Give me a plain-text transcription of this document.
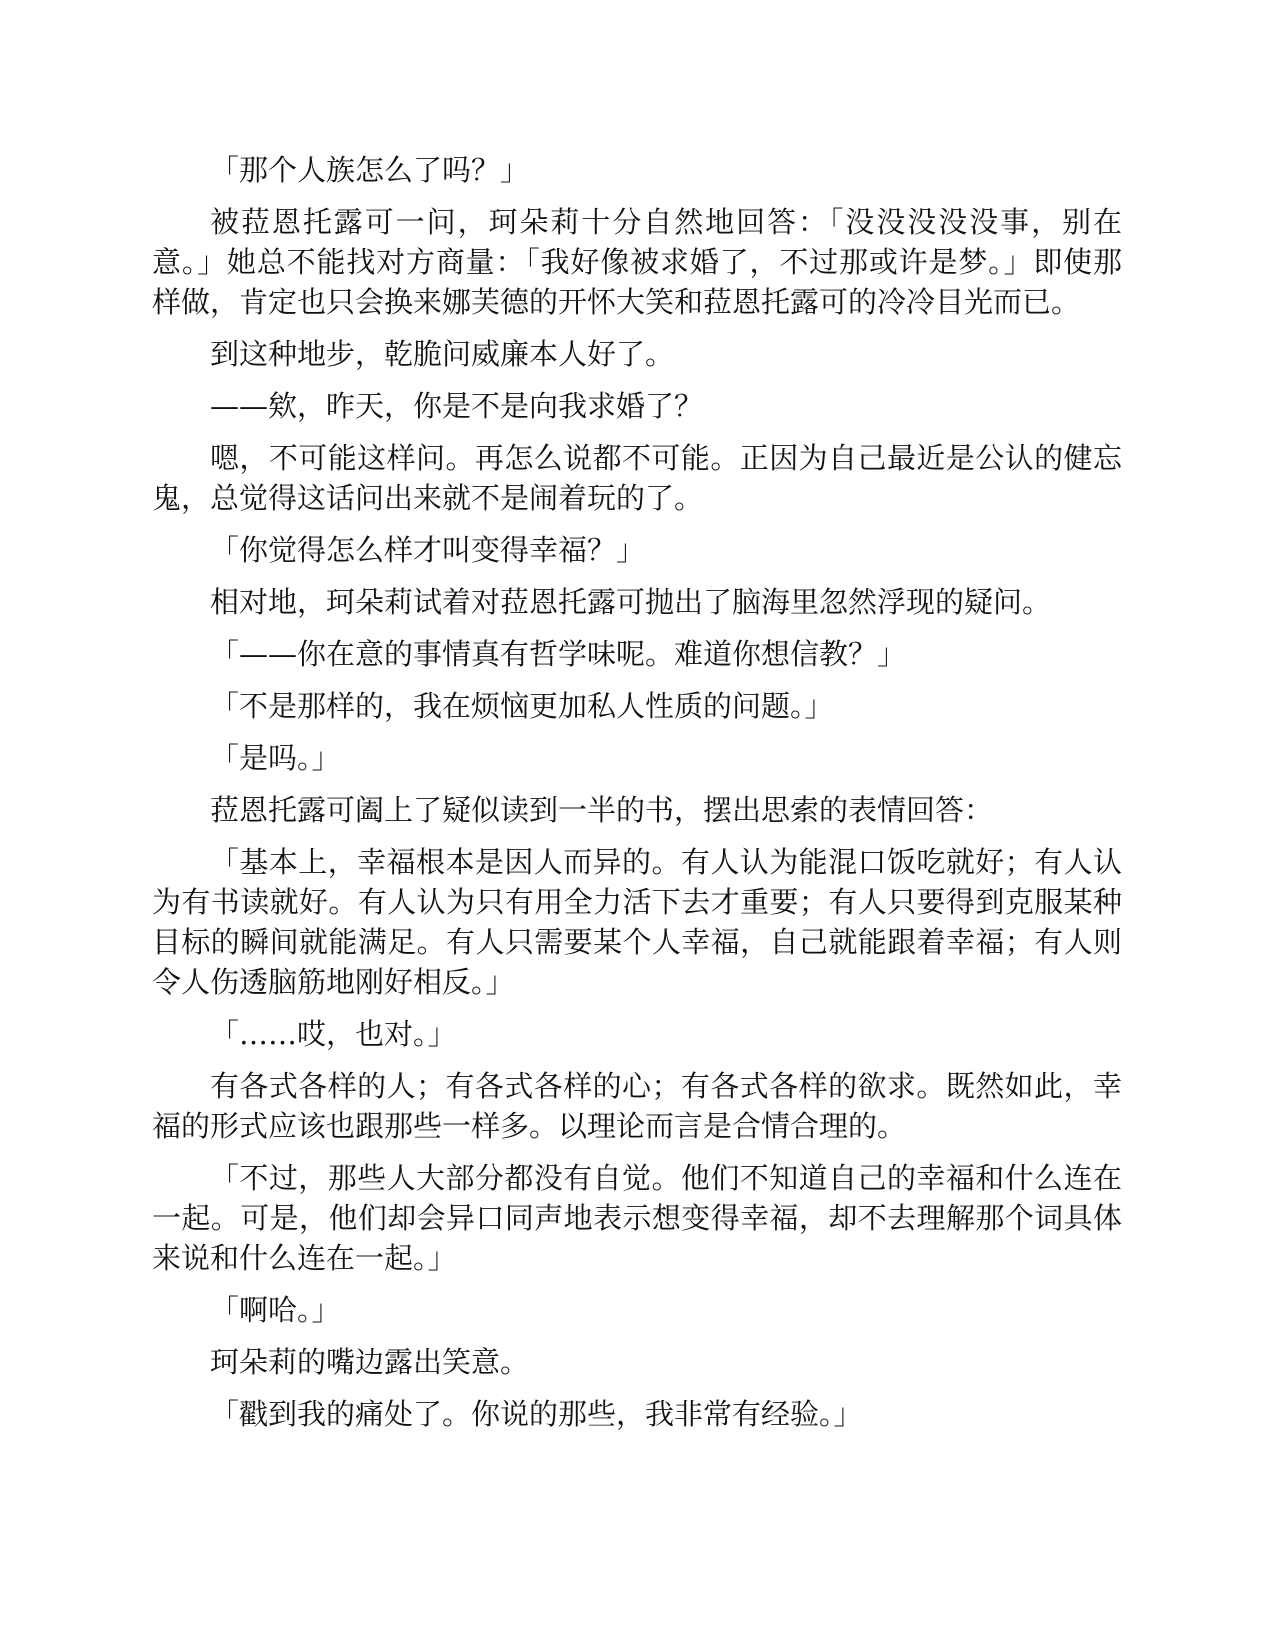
「那个人族怎么了吗？」

被菈恩托露可一问，珂朵莉十分自然地回答：「没没没没没事，别在意。」她总不能找对方商量：「我好像被求婚了，不过那或许是梦。」即使那样做，肯定也只会换来娜芙德的开怀大笑和菈恩托露可的冷冷目光而已。

到这种地步，乾脆问威廉本人好了。

——欸，昨天，你是不是向我求婚了？

嗯，不可能这样问。再怎么说都不可能。正因为自己最近是公认的健忘鬼，总觉得这话问出来就不是闹着玩的了。

「你觉得怎么样才叫变得幸福？」

相对地，珂朵莉试着对菈恩托露可抛出了脑海里忽然浮现的疑问。

「——你在意的事情真有哲学味呢。难道你想信教？」

「不是那样的，我在烦恼更加私人性质的问题。」

「是吗。」

菈恩托露可阖上了疑似读到一半的书，摆出思索的表情回答：

「基本上，幸福根本是因人而异的。有人认为能混口饭吃就好；有人认为有书读就好。有人认为只有用全力活下去才重要；有人只要得到克服某种目标的瞬间就能满足。有人只需要某个人幸福，自己就能跟着幸福；有人则令人伤透脑筋地刚好相反。」

「……哎，也对。」

有各式各样的人；有各式各样的心；有各式各样的欲求。既然如此，幸福的形式应该也跟那些一样多。以理论而言是合情合理的。

「不过，那些人大部分都没有自觉。他们不知道自己的幸福和什么连在一起。可是，他们却会异口同声地表示想变得幸福，却不去理解那个词具体来说和什么连在一起。」

「啊哈。」

珂朵莉的嘴边露出笑意。

「戳到我的痛处了。你说的那些，我非常有经验。」
